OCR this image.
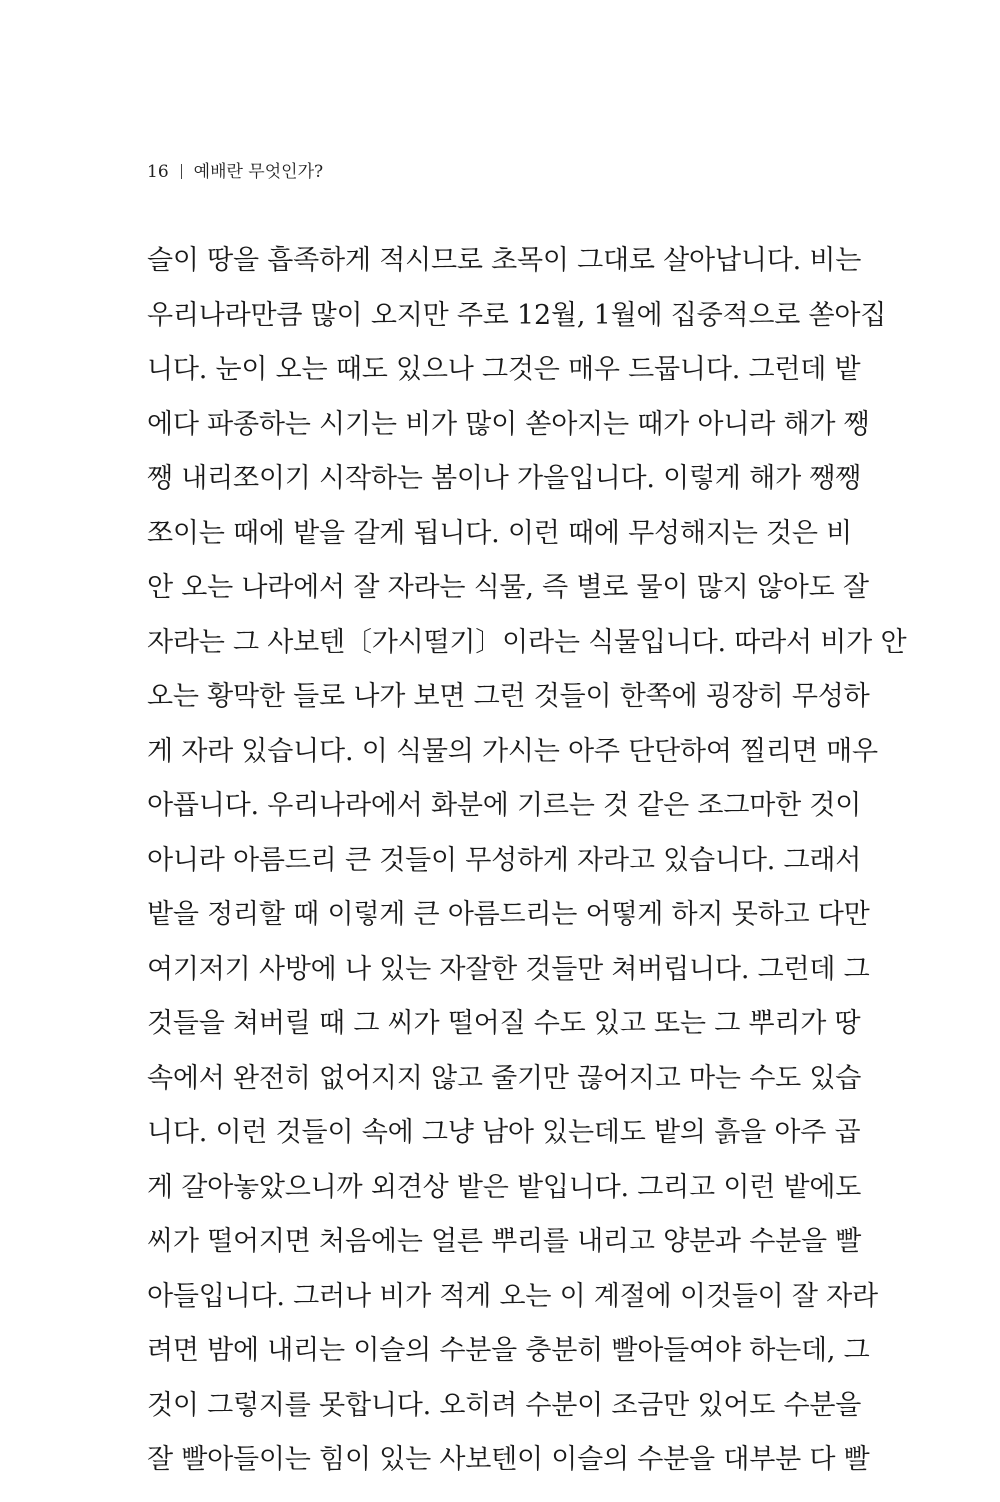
16 예배란 무엇인가?
슬이 땅을 흡족하게 적시므로 초목이 그대로 살아납니다. 비는
우리나라만큼 많이 오지만 주로 12월, 1월에 집중적으로 쏟아집
니다. 눈이 오는 때도 있으나 그것은 매우 드뭅니다. 그런데 밭
에다 파종하는 시기는 비가 많이 쏟아지는 때가 아니라 해가 쨍
쨍 내리쪼이기 시작하는 봄이나 가을입니다. 이렇게 해가 쨍쨍
쪼이는 때에 밭을 갈게 됩니다. 이런 때에 무성해지는 것은 비
안 오는 나라에서 잘 자라는 식물, 즉 별로 물이 많지 않아도 잘
자라는 그 사보텐〔가시떨기〕이라는 식물입니다. 따라서 비가 안
오는 황막한 들로 나가 보면 그런 것들이 한쪽에 굉장히 무성하
게 자라 있습니다. 이 식물의 가시는 아주 단단하여 찔리면 매우
아픕니다. 우리나라에서 화분에 기르는 것 같은 조그마한 것이
아니라 아름드리 큰 것들이 무성하게 자라고 있습니다. 그래서
밭을 정리할 때 이렇게 큰 아름드리는 어떻게 하지 못하고 다만
여기저기 사방에 나 있는 자잘한 것들만 쳐버립니다. 그런데 그
것들을 쳐버릴 때 그 씨가 떨어질 수도 있고 또는 그 뿌리가 땅
속에서 완전히 없어지지 않고 줄기만 끊어지고 마는 수도 있습
니다. 이런 것들이 속에 그냥 남아 있는데도 밭의 흙을 아주 곱
게 갈아놓았으니까 외견상 밭은 밭입니다. 그리고 이런 밭에도
씨가 떨어지면 처음에는 얼른 뿌리를 내리고 양분과 수분을 빨
아들입니다. 그러나 비가 적게 오는 이 계절에 이것들이 잘 자라
려면 밤에 내리는 이슬의 수분을 충분히 빨아들여야 하는데, 그
것이 그렇지를 못합니다. 오히려 수분이 조금만 있어도 수분을
잘 빨아들이는 힘이 있는 사보텐이 이슬의 수분을 대부분 다 빨
